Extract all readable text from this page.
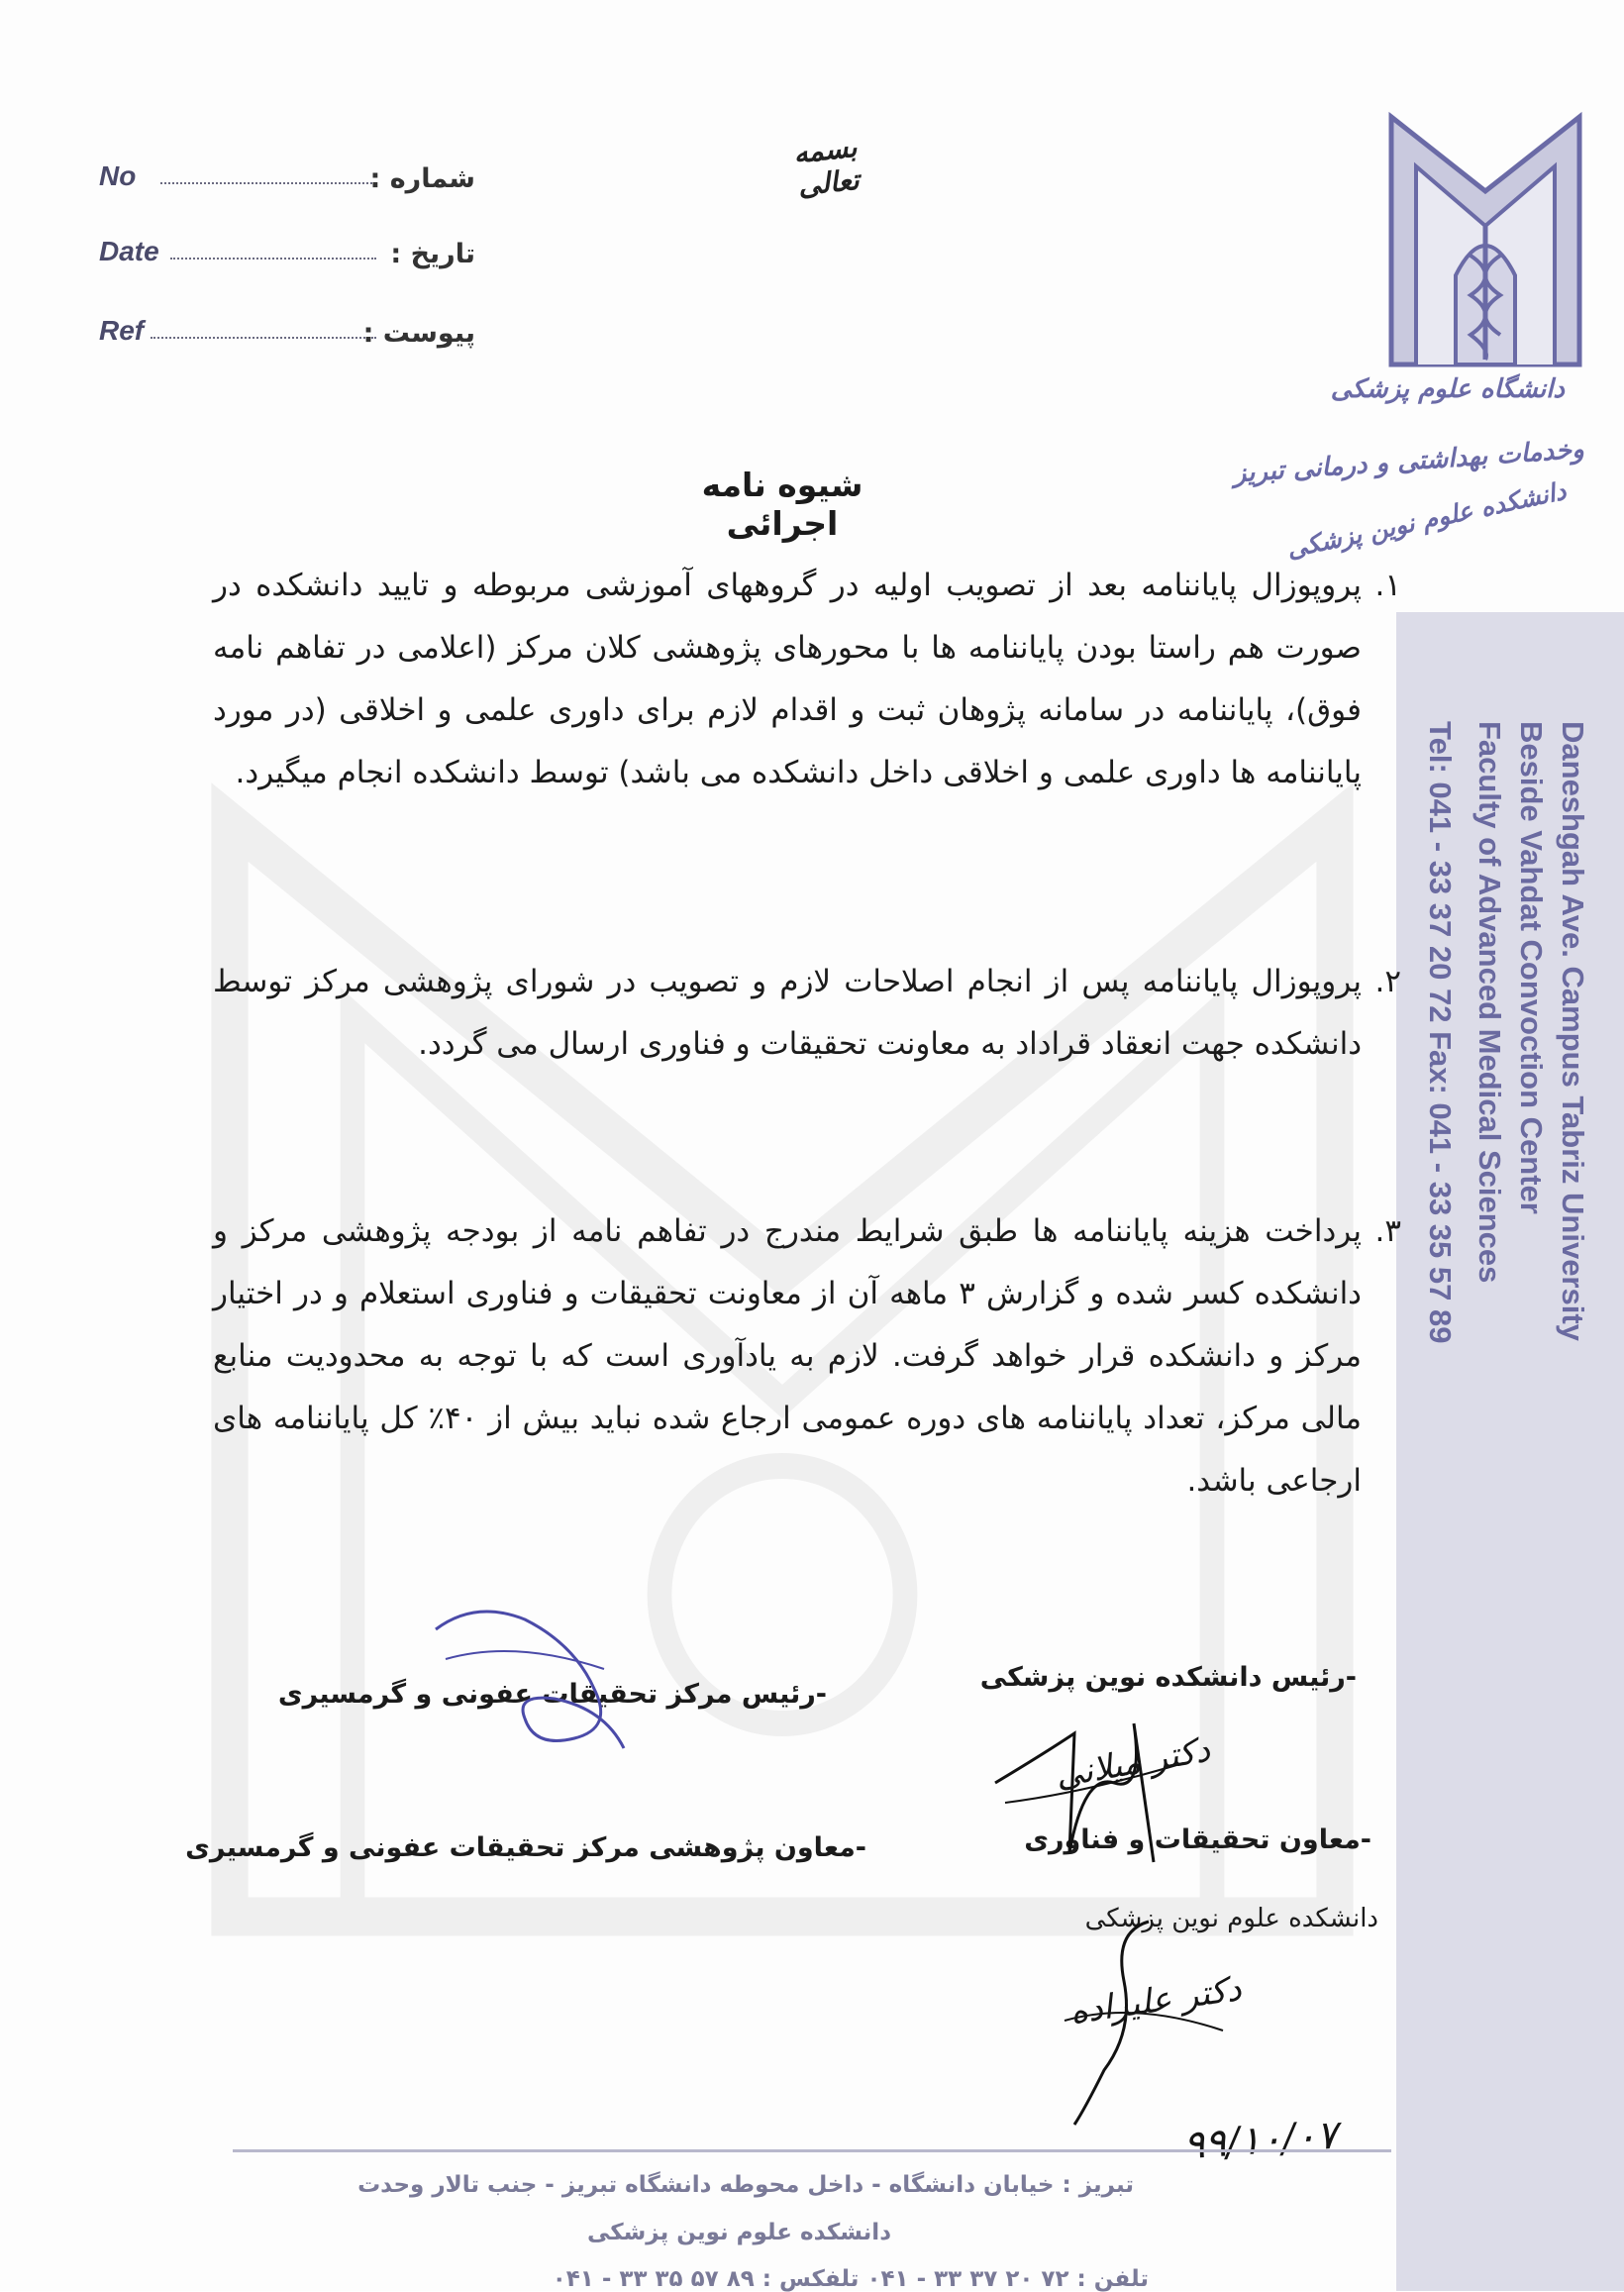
No	شماره :
Date	تاریخ :
Ref	پیوست :
بسمه تعالی
دانشگاه علوم پزشکی
وخدمات بهداشتی و درمانی تبریز
دانشکده علوم نوین پزشکی
Daneshgah Ave. Campus Tabriz University
Beside Vahdat Convoction Center
Faculty of Advanced Medical Sciences
Tel: 041 - 33 37 20 72 Fax: 041 - 33 35 57 89
شیوه نامه اجرائی
۱.
پروپوزال پایاننامه بعد از تصویب اولیه در گروههای آموزشی مربوطه و تایید دانشکده در صورت هم راستا بودن پایاننامه ها با محورهای پژوهشی کلان مرکز (اعلامی در تفاهم نامه فوق)، پایاننامه در سامانه پژوهان ثبت و اقدام لازم برای داوری علمی و اخلاقی (در مورد پایاننامه ها داوری علمی و اخلاقی داخل دانشکده می باشد) توسط دانشکده انجام میگیرد.
۲.
پروپوزال پایاننامه پس از انجام اصلاحات لازم و تصویب در شورای پژوهشی مرکز توسط دانشکده جهت انعقاد قراداد به معاونت تحقیقات و فناوری ارسال می گردد.
۳.
پرداخت هزینه پایاننامه ها طبق شرایط مندرج در تفاهم نامه از بودجه پژوهشی مرکز و دانشکده کسر شده و گزارش ۳ ماهه آن از معاونت تحقیقات و فناوری استعلام و در اختیار مرکز و دانشکده قرار خواهد گرفت. لازم به یادآوری است که با توجه به محدودیت منابع مالی مرکز، تعداد پایاننامه های دوره عمومی ارجاع شده نباید بیش از ۴۰٪ کل پایاننامه های ارجاعی باشد.
-رئیس دانشکده نوین پزشکی
-رئیس مرکز تحقیقات عفونی و گرمسیری
-معاون تحقیقات و فناوری
-معاون پژوهشی مرکز تحقیقات عفونی و گرمسیری
دانشکده علوم نوین پزشکی
دکتر میلانی
دکتر علیزاده
۹۹/۱۰/۰۷
تبریز : خیابان دانشگاه - داخل محوطه دانشگاه تبریز - جنب تالار وحدت
دانشکده علوم نوین پزشکی
تلفن : ۷۲ ۲۰ ۳۷ ۳۳ - ۰۴۱ تلفکس : ۸۹ ۵۷ ۳۵ ۳۳ - ۰۴۱
